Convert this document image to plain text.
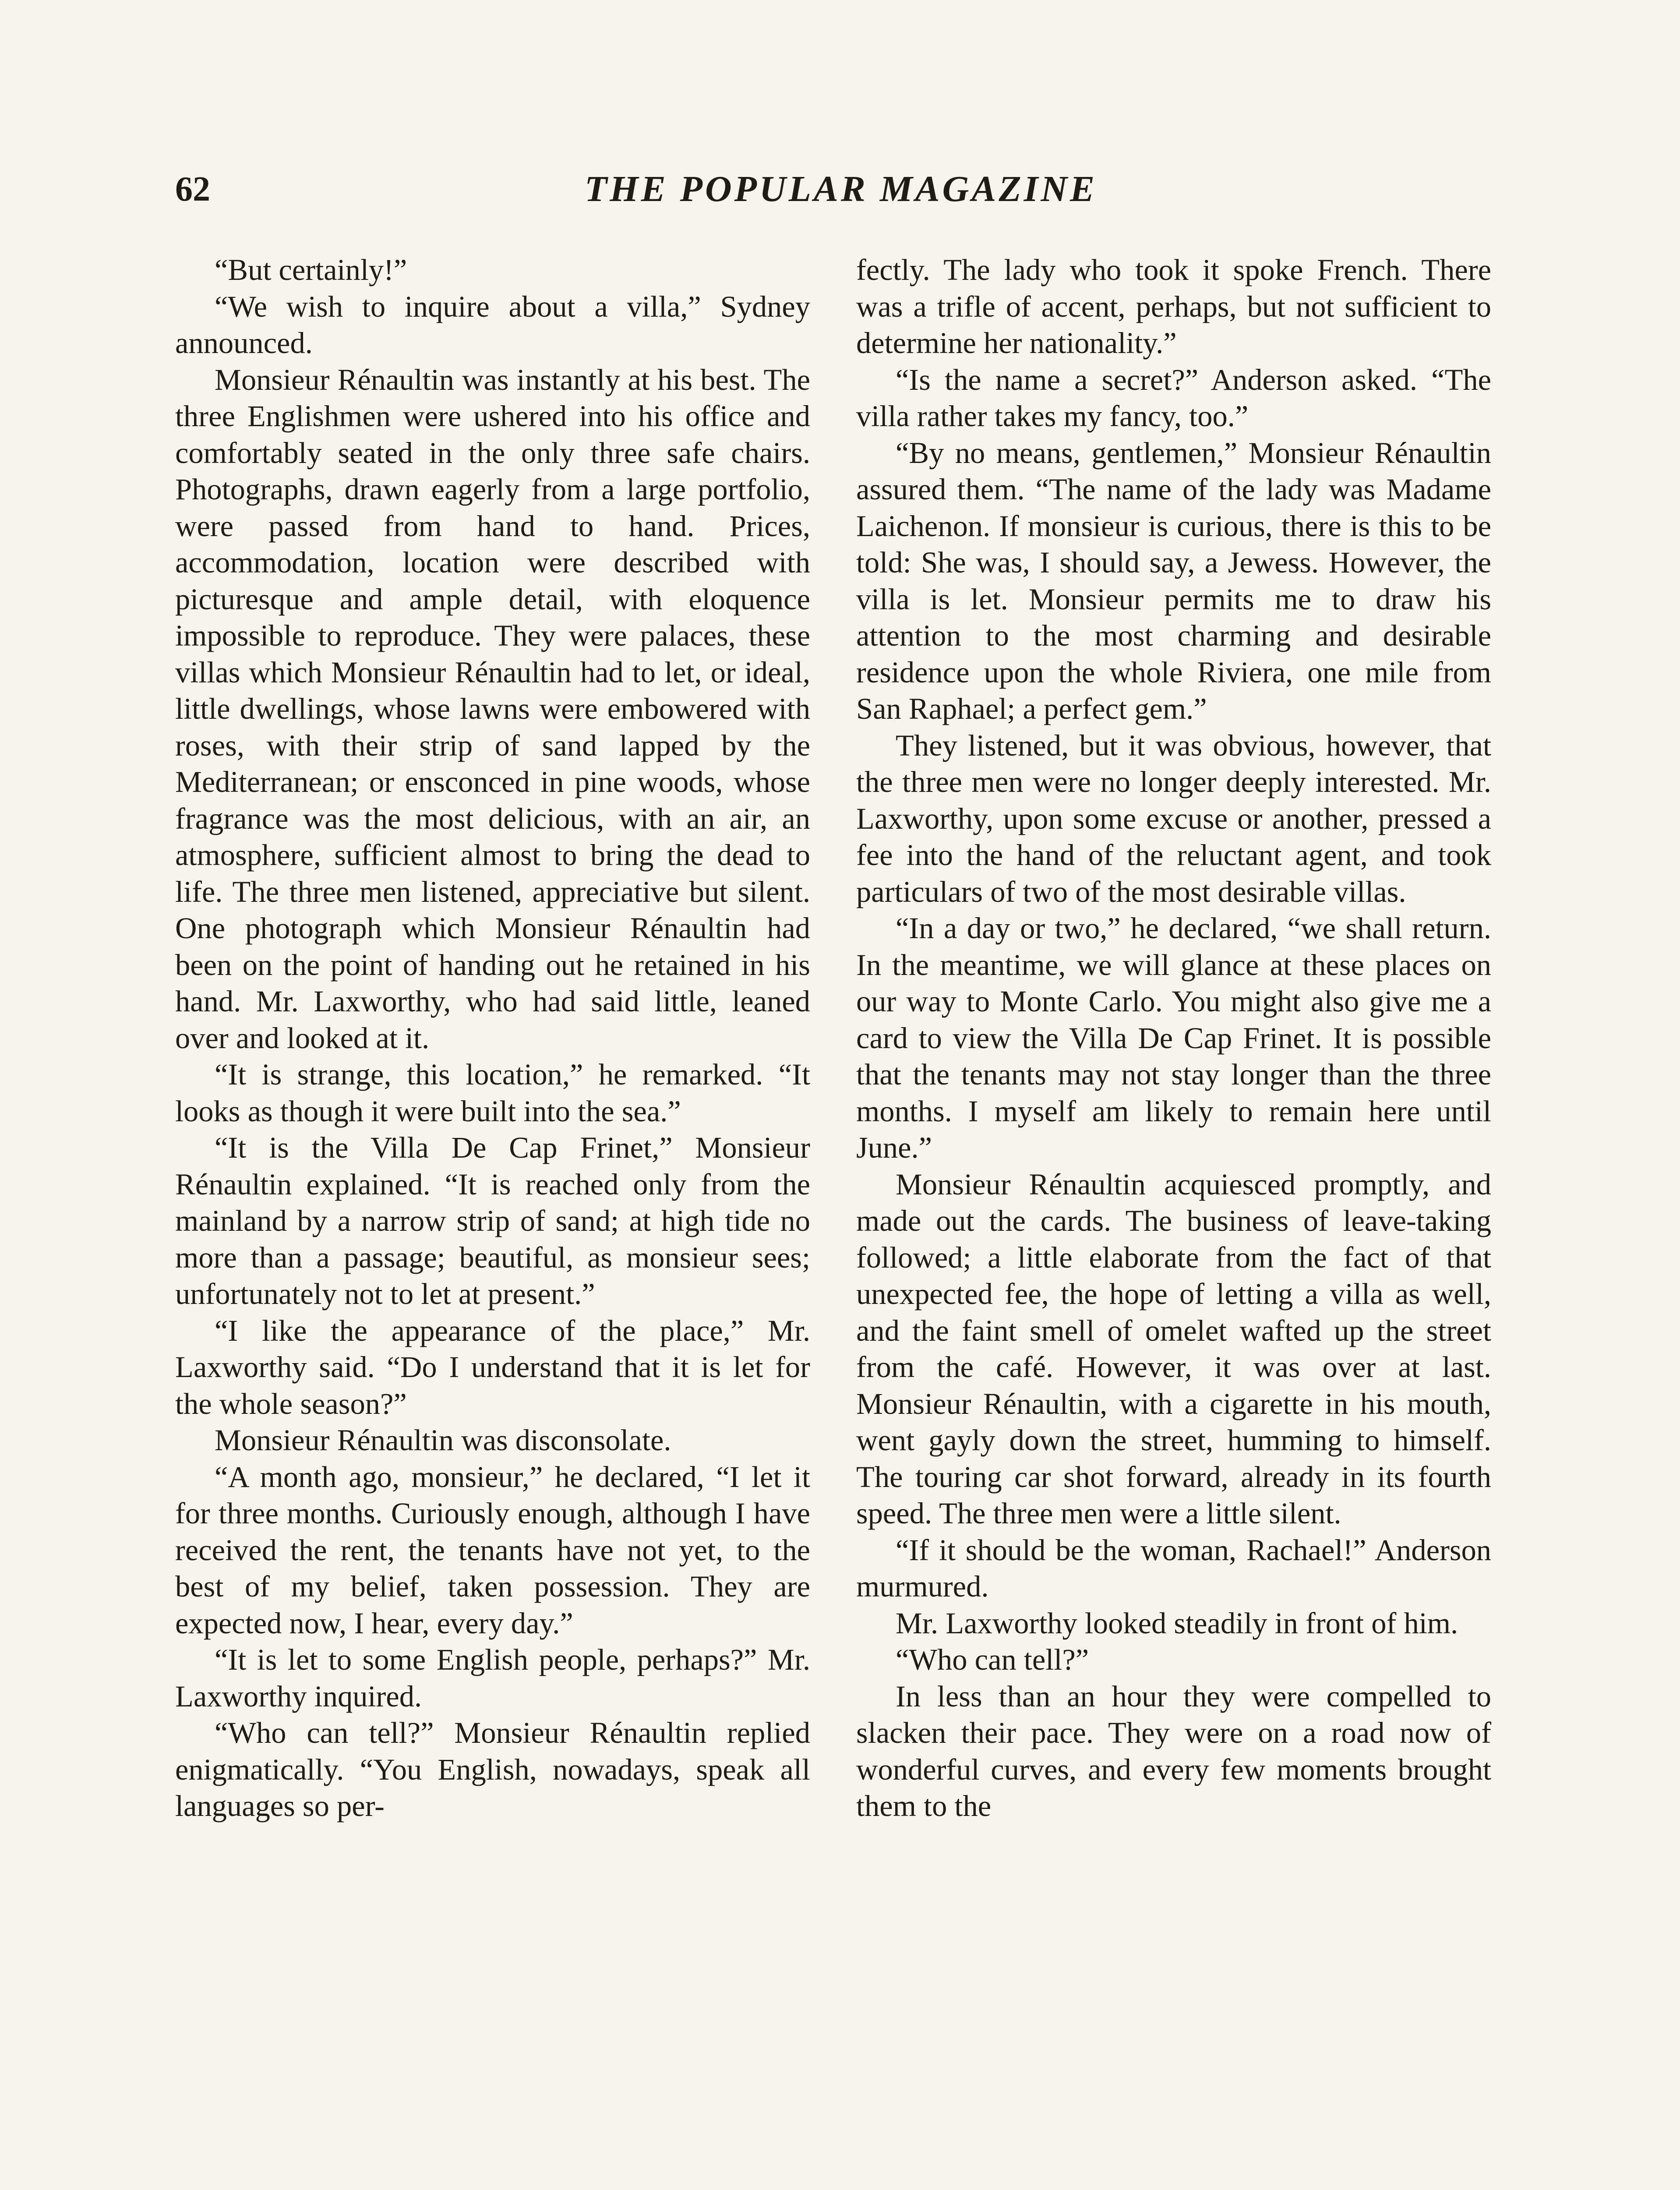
62	THE POPULAR MAGAZINE

“But certainly!”

“We wish to inquire about a villa,” Sydney announced.

Monsieur Rénaultin was instantly at his best. The three Englishmen were ushered into his office and comfortably seated in the only three safe chairs. Photographs, drawn eagerly from a large portfolio, were passed from hand to hand. Prices, accommodation, location were described with picturesque and ample detail, with eloquence impossible to reproduce. They were palaces, these villas which Monsieur Rénaultin had to let, or ideal, little dwellings, whose lawns were embowered with roses, with their strip of sand lapped by the Mediterranean; or ensconced in pine woods, whose fragrance was the most delicious, with an air, an atmosphere, sufficient almost to bring the dead to life. The three men listened, appreciative but silent. One photograph which Monsieur Rénaultin had been on the point of handing out he retained in his hand. Mr. Laxworthy, who had said little, leaned over and looked at it.

“It is strange, this location,” he remarked. “It looks as though it were built into the sea.”

“It is the Villa De Cap Frinet,” Monsieur Rénaultin explained. “It is reached only from the mainland by a narrow strip of sand; at high tide no more than a passage; beautiful, as monsieur sees; unfortunately not to let at present.”

“I like the appearance of the place,” Mr. Laxworthy said. “Do I understand that it is let for the whole season?”

Monsieur Rénaultin was disconsolate.

“A month ago, monsieur,” he declared, “I let it for three months. Curiously enough, although I have received the rent, the tenants have not yet, to the best of my belief, taken possession. They are expected now, I hear, every day.”

“It is let to some English people, perhaps?” Mr. Laxworthy inquired.

“Who can tell?” Monsieur Rénaultin replied enigmatically. “You English, nowadays, speak all languages so per-

fectly. The lady who took it spoke French. There was a trifle of accent, perhaps, but not sufficient to determine her nationality.”

“Is the name a secret?” Anderson asked. “The villa rather takes my fancy, too.”

“By no means, gentlemen,” Monsieur Rénaultin assured them. “The name of the lady was Madame Laichenon. If monsieur is curious, there is this to be told: She was, I should say, a Jewess. However, the villa is let. Monsieur permits me to draw his attention to the most charming and desirable residence upon the whole Riviera, one mile from San Raphael; a perfect gem.”

They listened, but it was obvious, however, that the three men were no longer deeply interested. Mr. Laxworthy, upon some excuse or another, pressed a fee into the hand of the reluctant agent, and took particulars of two of the most desirable villas.

“In a day or two,” he declared, “we shall return. In the meantime, we will glance at these places on our way to Monte Carlo. You might also give me a card to view the Villa De Cap Frinet. It is possible that the tenants may not stay longer than the three months. I myself am likely to remain here until June.”

Monsieur Rénaultin acquiesced promptly, and made out the cards. The business of leave-taking followed; a little elaborate from the fact of that unexpected fee, the hope of letting a villa as well, and the faint smell of omelet wafted up the street from the café. However, it was over at last. Monsieur Rénaultin, with a cigarette in his mouth, went gayly down the street, humming to himself. The touring car shot forward, already in its fourth speed. The three men were a little silent.

“If it should be the woman, Rachael!” Anderson murmured.

Mr. Laxworthy looked steadily in front of him.

“Who can tell?”

In less than an hour they were compelled to slacken their pace. They were on a road now of wonderful curves, and every few moments brought them to the
